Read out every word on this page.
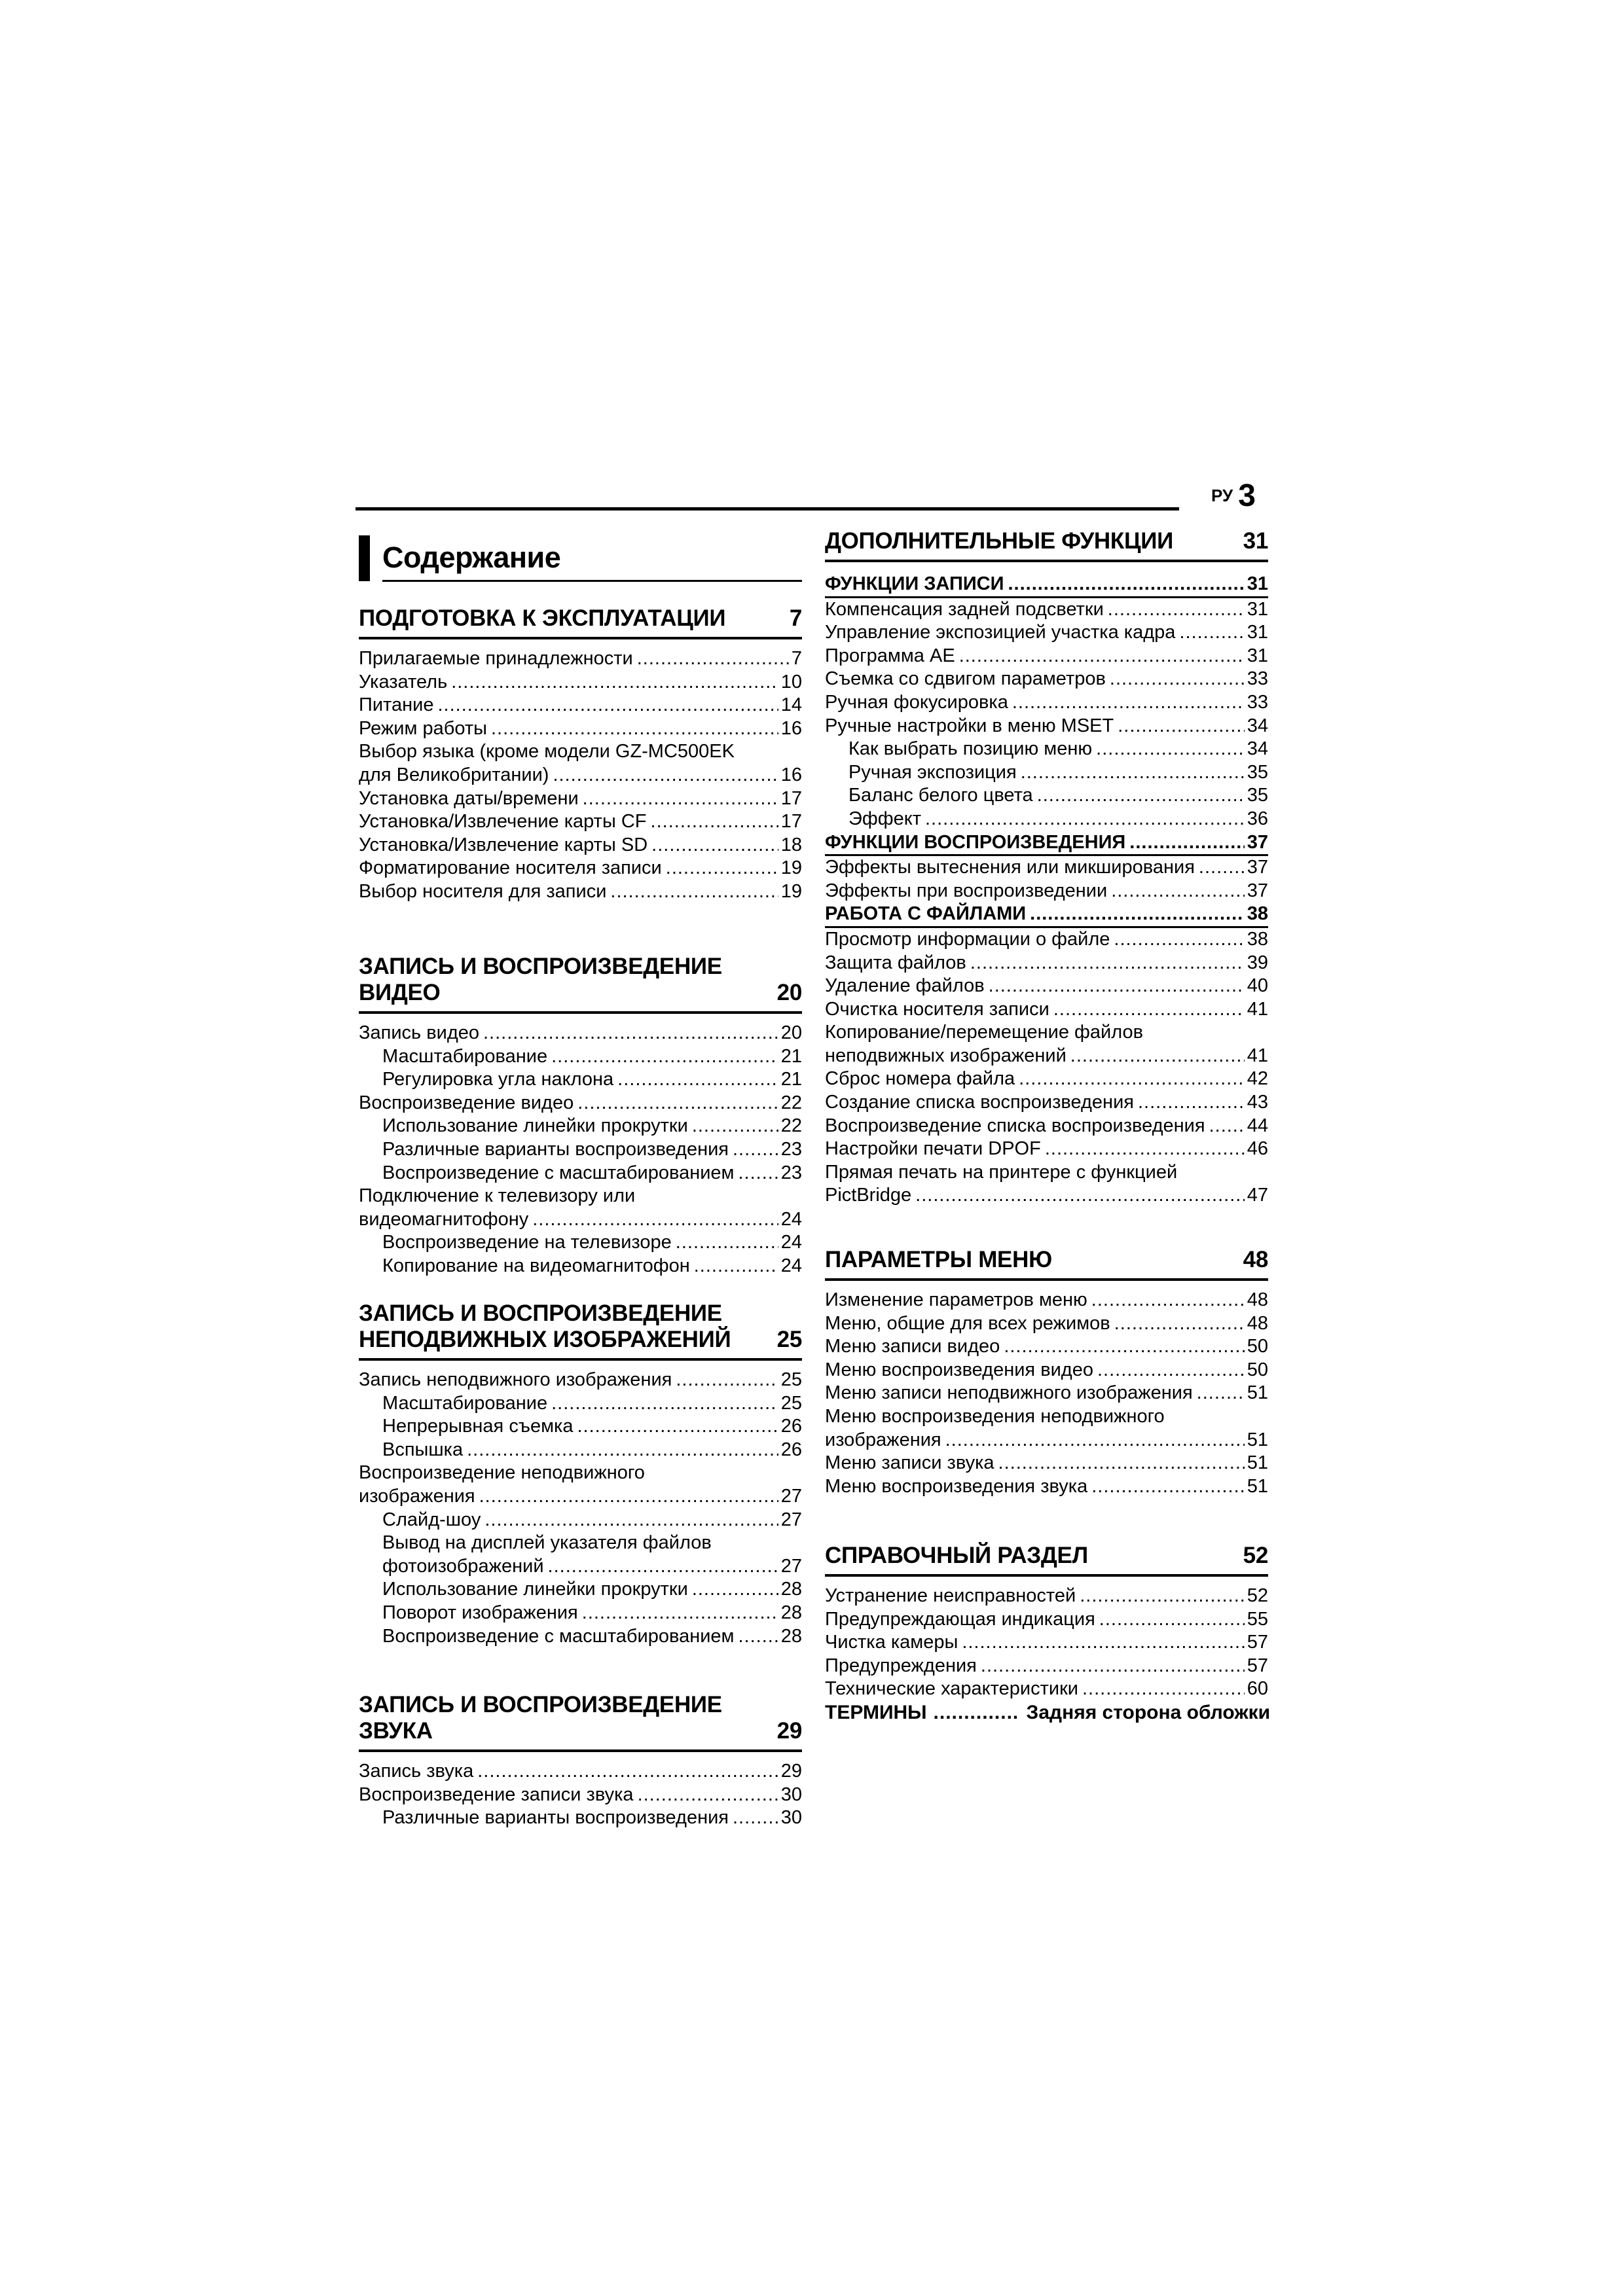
РУ 3
Содержание
ПОДГОТОВКА К ЭКСПЛУАТАЦИИ	7
Прилагаемые принадлежности .....	7
Указатель .....	10
Питание .....	14
Режим работы .....	16
Выбор языка (кроме модели GZ-MC500EK
для Великобритании) .....	16
Установка даты/времени .....	17
Установка/Извлечение карты CF .....	17
Установка/Извлечение карты SD .....	18
Форматирование носителя записи .....	19
Выбор носителя для записи .....	19
ЗАПИСЬ И ВОСПРОИЗВЕДЕНИЕ ВИДЕО	20
Запись видео .....	20
Масштабирование .....	21
Регулировка угла наклона .....	21
Воспроизведение видео .....	22
Использование линейки прокрутки .....	22
Различные варианты воспроизведения .....	23
Воспроизведение с масштабированием ..... 23
Подключение к телевизору или
видеомагнитофону .....	24
Воспроизведение на телевизоре .....	24
Копирование на видеомагнитофон .....	24
ЗАПИСЬ И ВОСПРОИЗВЕДЕНИЕ
НЕПОДВИЖНЫХ ИЗОБРАЖЕНИЙ 25
Запись неподвижного изображения .....	25
Масштабирование .....	25
Непрерывная съемка .....	26
Вспышка .....	26
Воспроизведение неподвижного
изображения .....	27
Слайд-шоу .....	27
Вывод на дисплей указателя файлов
фотоизображений .....	27
Использование линейки прокрутки .....	28
Поворот изображения .....	28
Воспроизведение с масштабированием ..... 28
ЗАПИСЬ И ВОСПРОИЗВЕДЕНИЕ ЗВУКА	29
Запись звука .....	29
Воспроизведение записи звука .....	30
Различные варианты воспроизведения .....	30
ДОПОЛНИТЕЛЬНЫЕ ФУНКЦИИ	31
ФУНКЦИИ ЗАПИСИ .....	31
Компенсация задней подсветки .....	31
Управление экспозицией участка кадра .....	31
Программа AE .....	31
Съемка со сдвигом параметров .....	33
Ручная фокусировка .....	33
Ручные настройки в меню MSET .....	34
Как выбрать позицию меню .....	34
Ручная экспозиция .....	35
Баланс белого цвета .....	35
Эффект .....	36
ФУНКЦИИ ВОСПРОИЗВЕДЕНИЯ .....	37
Эффекты вытеснения или микширования .....	37
Эффекты при воспроизведении .....	37
РАБОТА С ФАЙЛАМИ .....	38
Просмотр информации о файле .....	38
Защита файлов .....	39
Удаление файлов .....	40
Очистка носителя записи .....	41
Копирование/перемещение файлов
неподвижных изображений .....	41
Сброс номера файла .....	42
Создание списка воспроизведения .....	43
Воспроизведение списка воспроизведения ..... 44
Настройки печати DPOF .....	46
Прямая печать на принтере с функцией
PictBridge .....	47
ПАРАМЕТРЫ МЕНЮ	48
Изменение параметров меню .....	48
Меню, общие для всех режимов .....	48
Меню записи видео .....	50
Меню воспроизведения видео .....	50
Меню записи неподвижного изображения .....	51
Меню воспроизведения неподвижного
изображения .....	51
Меню записи звука .....	51
Меню воспроизведения звука .....	51
СПРАВОЧНЫЙ РАЗДЕЛ	52
Устранение неисправностей .....	52
Предупреждающая индикация .....	55
Чистка камеры .....	57
Предупреждения .....	57
Технические характеристики .....	60
ТЕРМИНЫ .....	Задняя сторона обложки
